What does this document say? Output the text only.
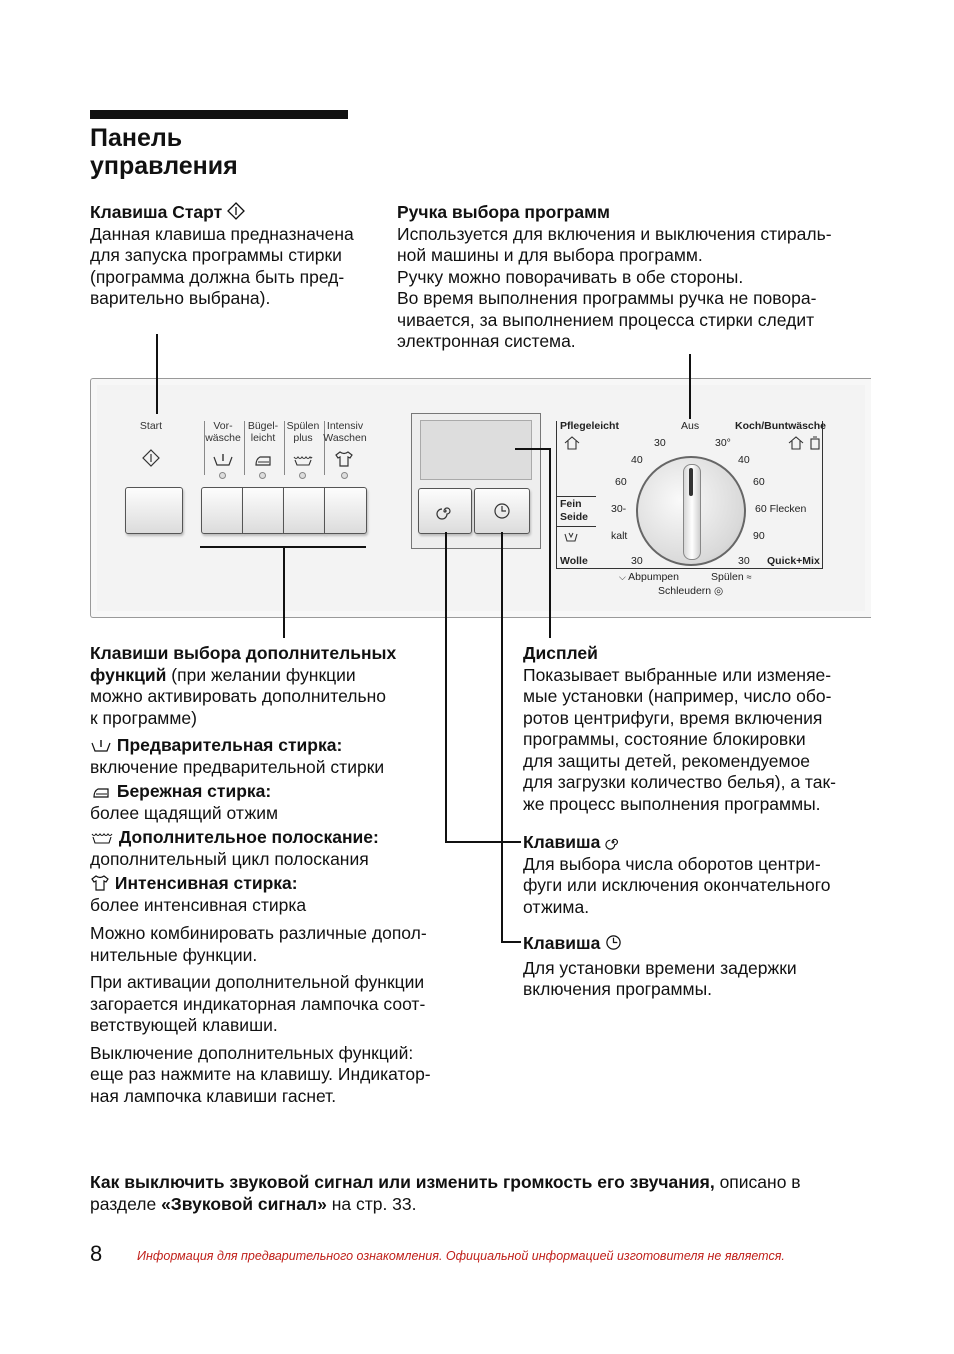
Панель
управления

Клавиша Старт

Данная клавиша предназначена

для запуска программы стирки

(программа должна быть пред-

варительно выбрана).

Ручка выбора программ

Используется для включения и выключения стираль-

ной машины и для выбора программ.

Ручку можно поворачивать в обе стороны.

Во время выполнения программы ручка не повора-

чивается, за выполнением процесса стирки следит

электронная система.

Start	Vor-
wäsche
Bügel-
leicht
Spülen
plus
Intensiv
Waschen
Pflegeleicht	Aus	Koch/Buntwäsche
30
40
60
30-
kalt
30
30°
40
60
60 Flecken
90
30
Fein
Seide
Wolle	Quick+Mix
⌵ Abpumpen	Spülen ≈
Schleudern ◎

Клавиши выбора дополнительных

функций (при желании функции

можно активировать дополнительно

к программе)

Предварительная стирка:

включение предварительной стирки

Бережная стирка:

более щадящий отжим

Дополнительное полоскание:

дополнительный цикл полоскания

Интенсивная стирка:

более интенсивная стирка

Можно комбинировать различные допол-

нительные функции.

При активации дополнительной функции

загорается индикаторная лампочка соот-

ветствующей клавиши.

Выключение дополнительных функций:

еще раз нажмите на клавишу. Индикатор-

ная лампочка клавиши гаснет.

Дисплей

Показывает выбранные или изменяе-

мые установки (например, число обо-

ротов центрифуги, время включения

программы, состояние блокировки

для защиты детей, рекомендуемое

для загрузки количество белья), а так-

же процесс выполнения программы.

Клавиша

Для выбора числа оборотов центри-

фуги или исключения окончательного

отжима.

Клавиша

Для установки времени задержки

включения программы.

Как выключить звуковой сигнал или изменить громкость его звучания, описано в

разделе «Звуковой сигнал» на стр. 33.

8	Информация для предварительного ознакомления. Официальной информацией изготовителя не является.
